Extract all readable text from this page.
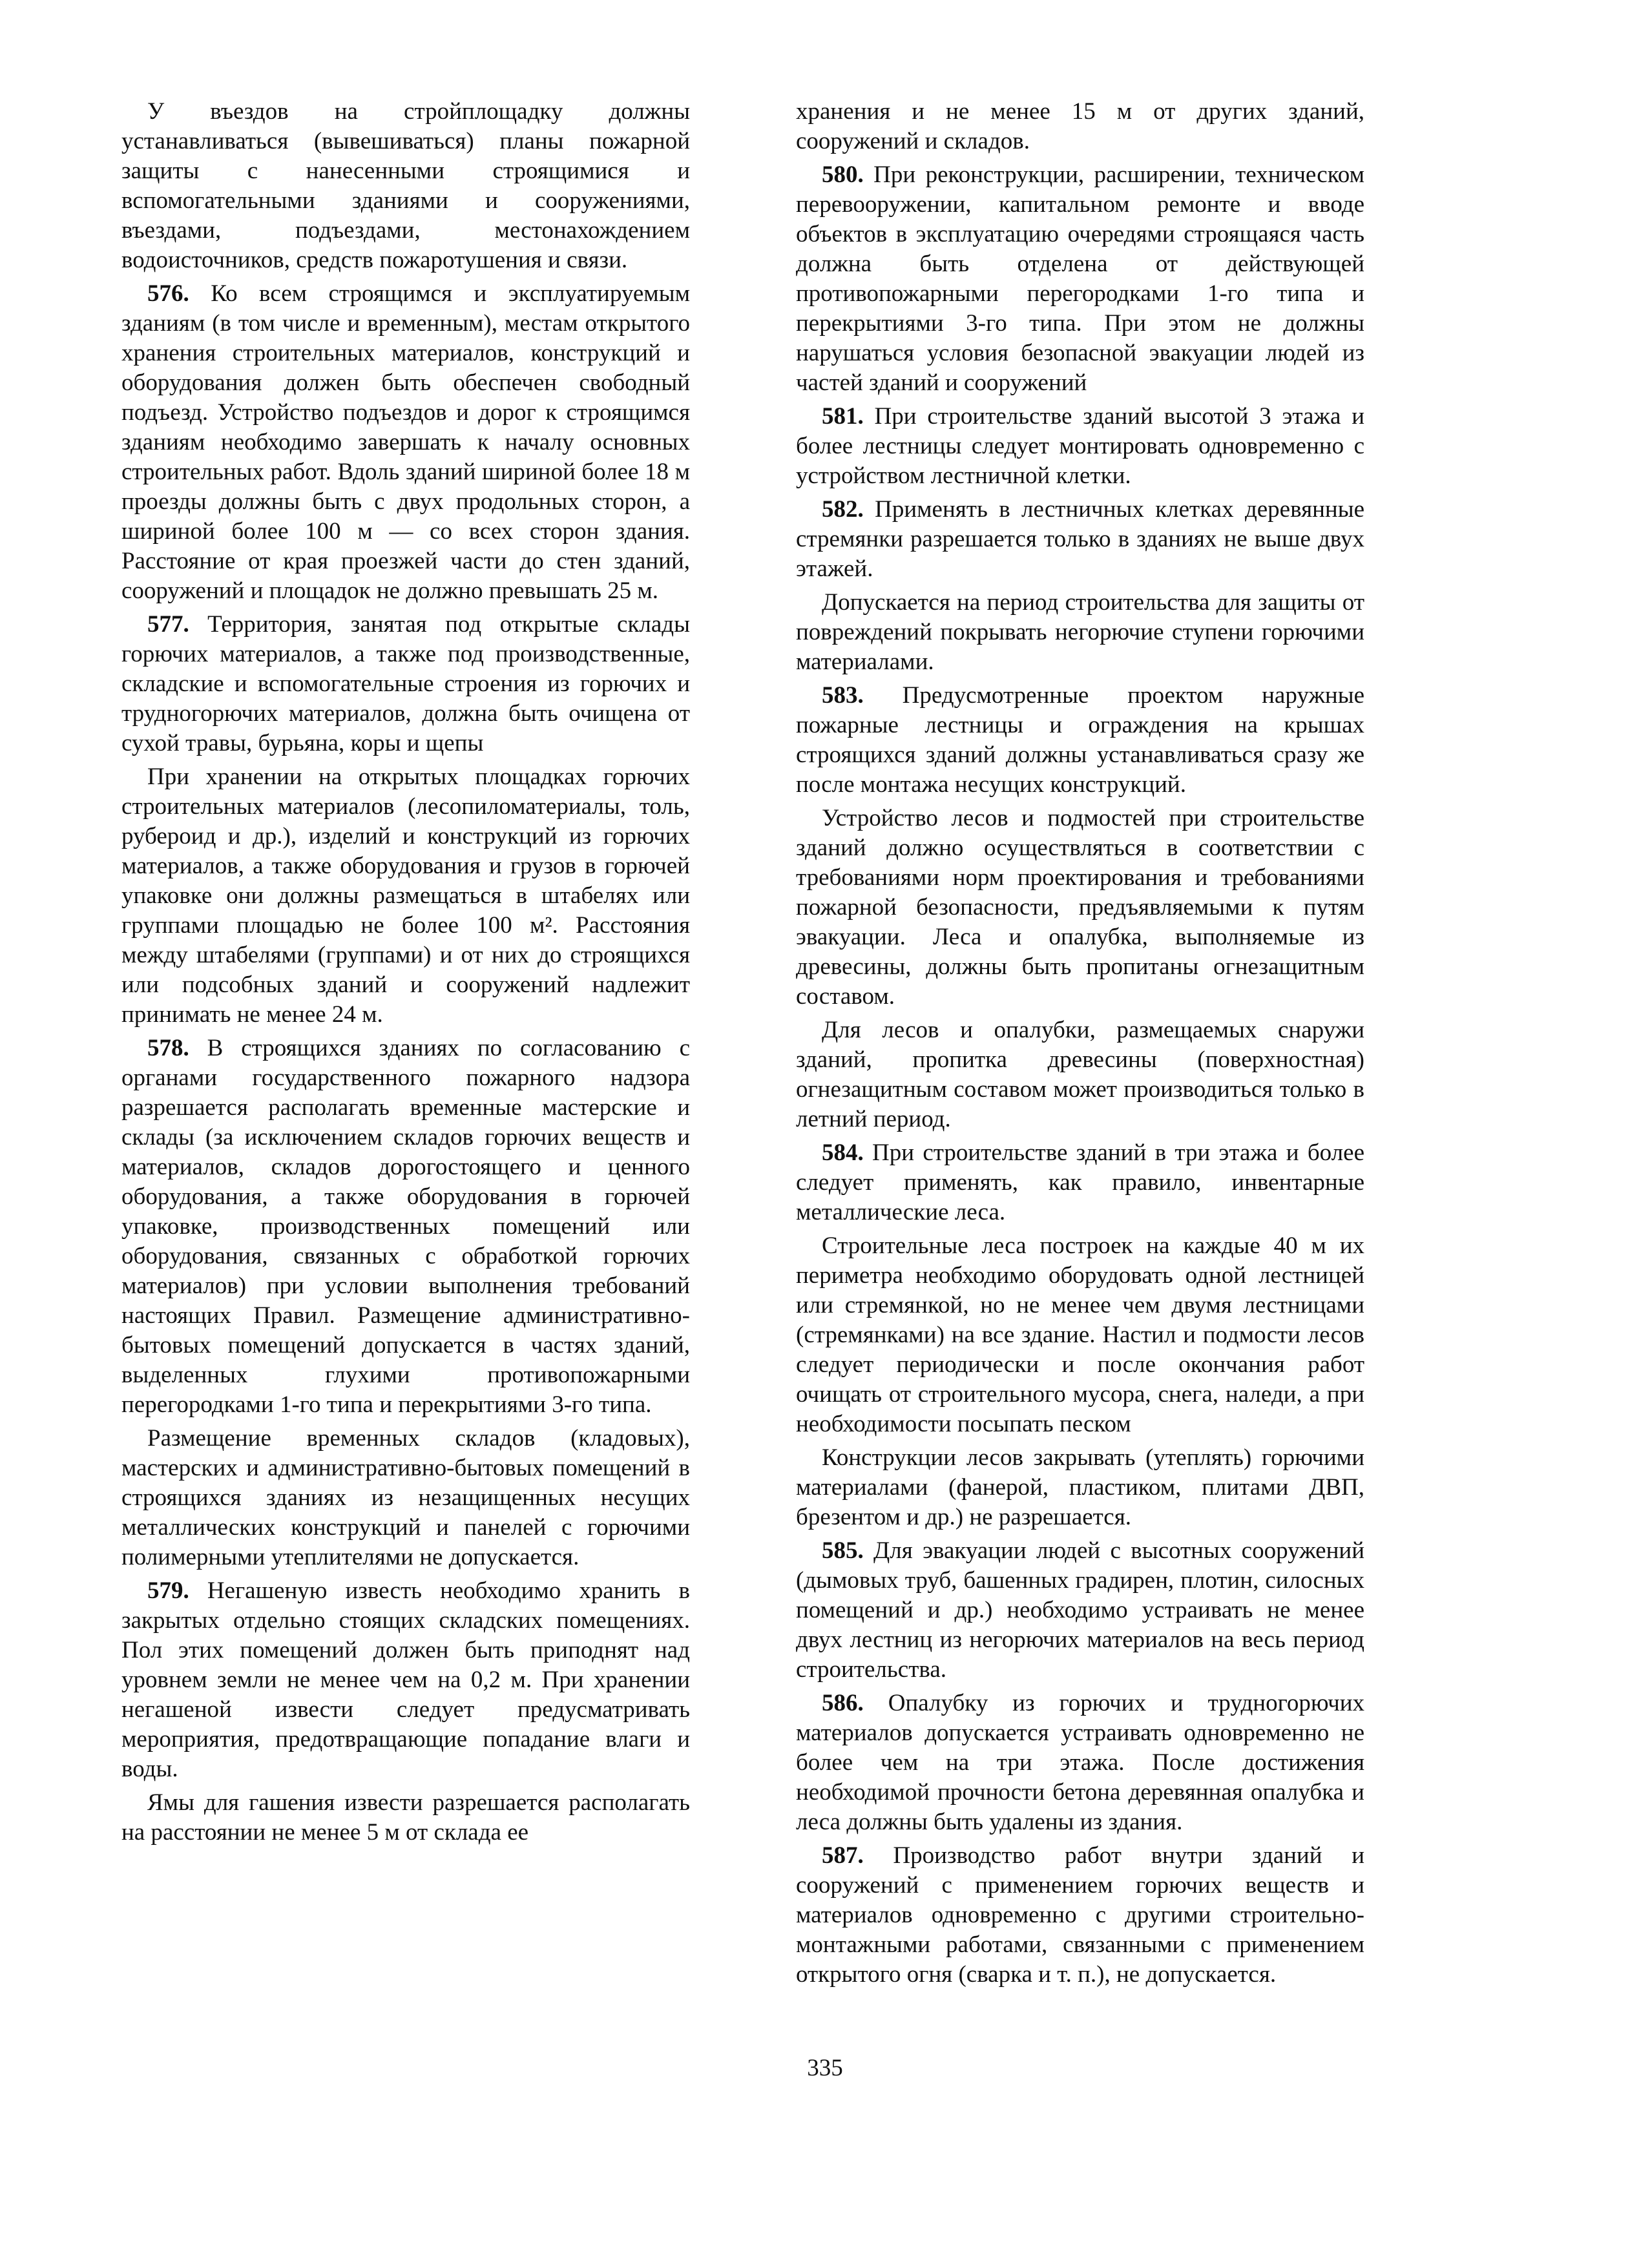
У въездов на стройплощадку должны устанавливаться (вывешиваться) планы пожарной защиты с нанесенными строящимися и вспомогательными зданиями и сооружениями, въездами, подъездами, местонахождением водоисточников, средств пожаротушения и связи.

576. Ко всем строящимся и эксплуатируемым зданиям (в том числе и временным), местам открытого хранения строительных материалов, конструкций и оборудования должен быть обеспечен свободный подъезд. Устройство подъездов и дорог к строящимся зданиям необходимо завершать к началу основных строительных работ. Вдоль зданий шириной более 18 м проезды должны быть с двух продольных сторон, а шириной более 100 м — со всех сторон здания. Расстояние от края проезжей части до стен зданий, сооружений и площадок не должно превышать 25 м.

577. Территория, занятая под открытые склады горючих материалов, а также под производственные, складские и вспомогательные строения из горючих и трудногорючих материалов, должна быть очищена от сухой травы, бурьяна, коры и щепы

При хранении на открытых площадках горючих строительных материалов (лесопиломатериалы, толь, рубероид и др.), изделий и конструкций из горючих материалов, а также оборудования и грузов в горючей упаковке они должны размещаться в штабелях или группами площадью не более 100 м². Расстояния между штабелями (группами) и от них до строящихся или подсобных зданий и сооружений надлежит принимать не менее 24 м.

578. В строящихся зданиях по согласованию с органами государственного пожарного надзора разрешается располагать временные мастерские и склады (за исключением складов горючих веществ и материалов, складов дорогостоящего и ценного оборудования, а также оборудования в горючей упаковке, производственных помещений или оборудования, связанных с обработкой горючих материалов) при условии выполнения требований настоящих Правил. Размещение административно-бытовых помещений допускается в частях зданий, выделенных глухими противопожарными перегородками 1-го типа и перекрытиями 3-го типа.

Размещение временных складов (кладовых), мастерских и административно-бытовых помещений в строящихся зданиях из незащищенных несущих металлических конструкций и панелей с горючими полимерными утеплителями не допускается.

579. Негашеную известь необходимо хранить в закрытых отдельно стоящих складских помещениях. Пол этих помещений должен быть приподнят над уровнем земли не менее чем на 0,2 м. При хранении негашеной извести следует предусматривать мероприятия, предотвращающие попадание влаги и воды.

Ямы для гашения извести разрешается располагать на расстоянии не менее 5 м от склада ее

хранения и не менее 15 м от других зданий, сооружений и складов.

580. При реконструкции, расширении, техническом перевооружении, капитальном ремонте и вводе объектов в эксплуатацию очередями строящаяся часть должна быть отделена от действующей противопожарными перегородками 1-го типа и перекрытиями 3-го типа. При этом не должны нарушаться условия безопасной эвакуации людей из частей зданий и сооружений

581. При строительстве зданий высотой 3 этажа и более лестницы следует монтировать одновременно с устройством лестничной клетки.

582. Применять в лестничных клетках деревянные стремянки разрешается только в зданиях не выше двух этажей.

Допускается на период строительства для защиты от повреждений покрывать негорючие ступени горючими материалами.

583. Предусмотренные проектом наружные пожарные лестницы и ограждения на крышах строящихся зданий должны устанавливаться сразу же после монтажа несущих конструкций.

Устройство лесов и подмостей при строительстве зданий должно осуществляться в соответствии с требованиями норм проектирования и требованиями пожарной безопасности, предъявляемыми к путям эвакуации. Леса и опалубка, выполняемые из древесины, должны быть пропитаны огнезащитным составом.

Для лесов и опалубки, размещаемых снаружи зданий, пропитка древесины (поверхностная) огнезащитным составом может производиться только в летний период.

584. При строительстве зданий в три этажа и более следует применять, как правило, инвентарные металлические леса.

Строительные леса построек на каждые 40 м их периметра необходимо оборудовать одной лестницей или стремянкой, но не менее чем двумя лестницами (стремянками) на все здание. Настил и подмости лесов следует периодически и после окончания работ очищать от строительного мусора, снега, наледи, а при необходимости посыпать песком

Конструкции лесов закрывать (утеплять) горючими материалами (фанерой, пластиком, плитами ДВП, брезентом и др.) не разрешается.

585. Для эвакуации людей с высотных сооружений (дымовых труб, башенных градирен, плотин, силосных помещений и др.) необходимо устраивать не менее двух лестниц из негорючих материалов на весь период строительства.

586. Опалубку из горючих и трудногорючих материалов допускается устраивать одновременно не более чем на три этажа. После достижения необходимой прочности бетона деревянная опалубка и леса должны быть удалены из здания.

587. Производство работ внутри зданий и сооружений с применением горючих веществ и материалов одновременно с другими строительно-монтажными работами, связанными с применением открытого огня (сварка и т. п.), не допускается.

335
